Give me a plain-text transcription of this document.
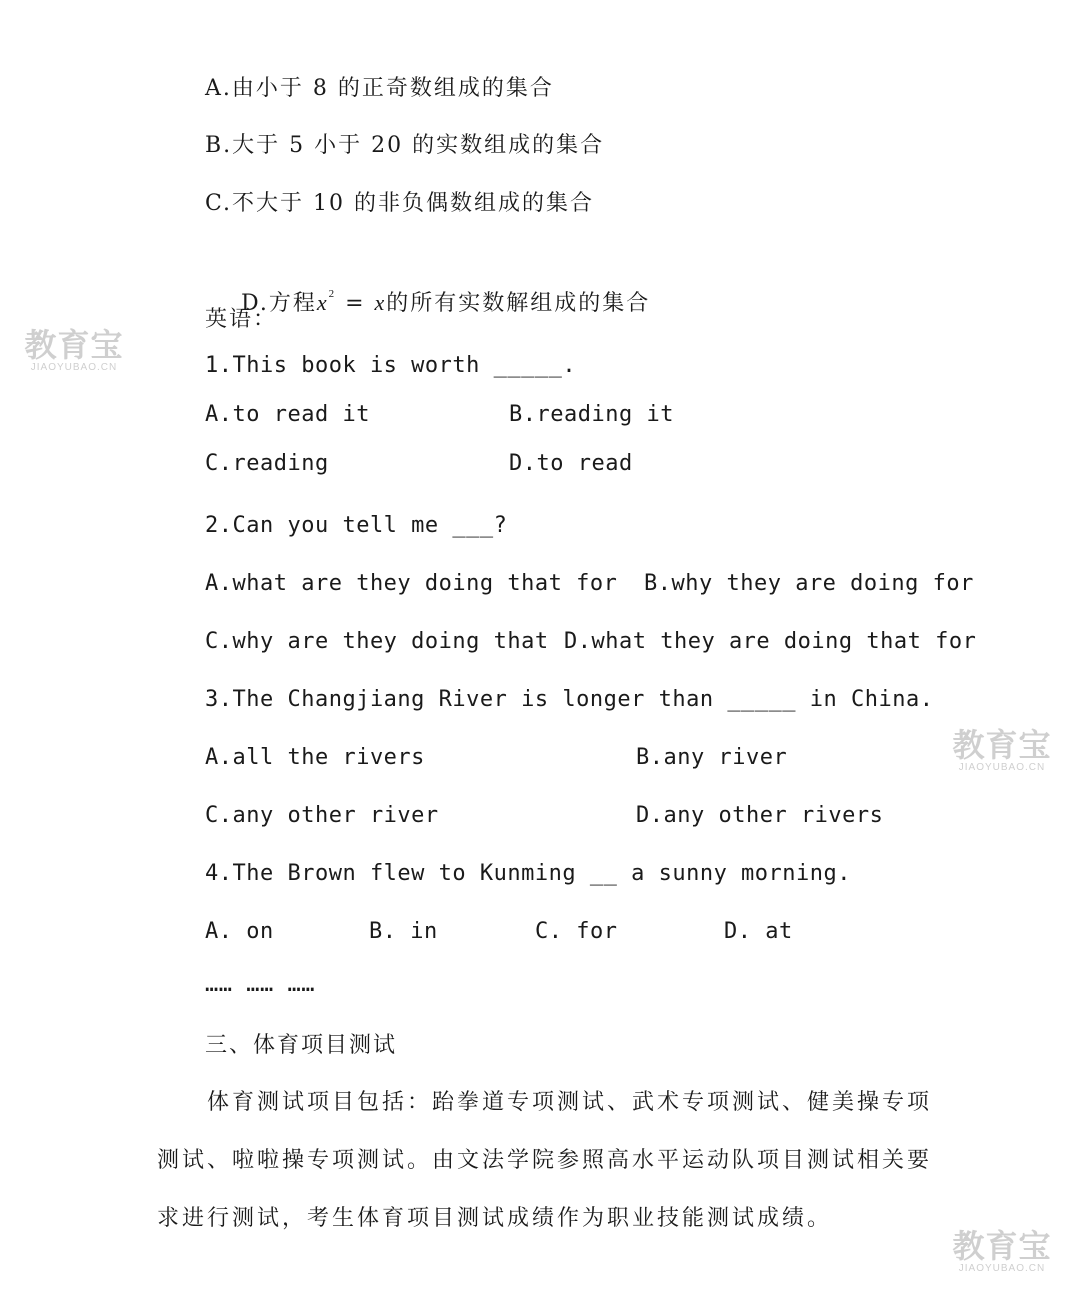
A.由小于 8 的正奇数组成的集合
B.大于 5 小于 20 的实数组成的集合
C.不大于 10 的非负偶数组成的集合

D.方程$x^2 = x$的所有实数解组成的集合

英语：
1.This book is worth _____.
A.to read it	B.reading it
C.reading	D.to read
2.Can you tell me ___?
A.what are they doing that for B.why they are doing for
C.why are they doing that D.what they are doing that for
3.The Changjiang River is longer than _____ in China.
A.all the rivers	B.any river
C.any other river	D.any other rivers
4.The Brown flew to Kunming __ a sunny morning.
A. on	B. in	C. for	D. at
…… …… ……
三、体育项目测试
体育测试项目包括：跆拳道专项测试、武术专项测试、健美操专项测试、啦啦操专项测试。由文法学院参照高水平运动队项目测试相关要求进行测试，考生体育项目测试成绩作为职业技能测试成绩。
教育宝
JIAOYUBAO.CN
教育宝
JIAOYUBAO.CN
教育宝
JIAOYUBAO.CN
